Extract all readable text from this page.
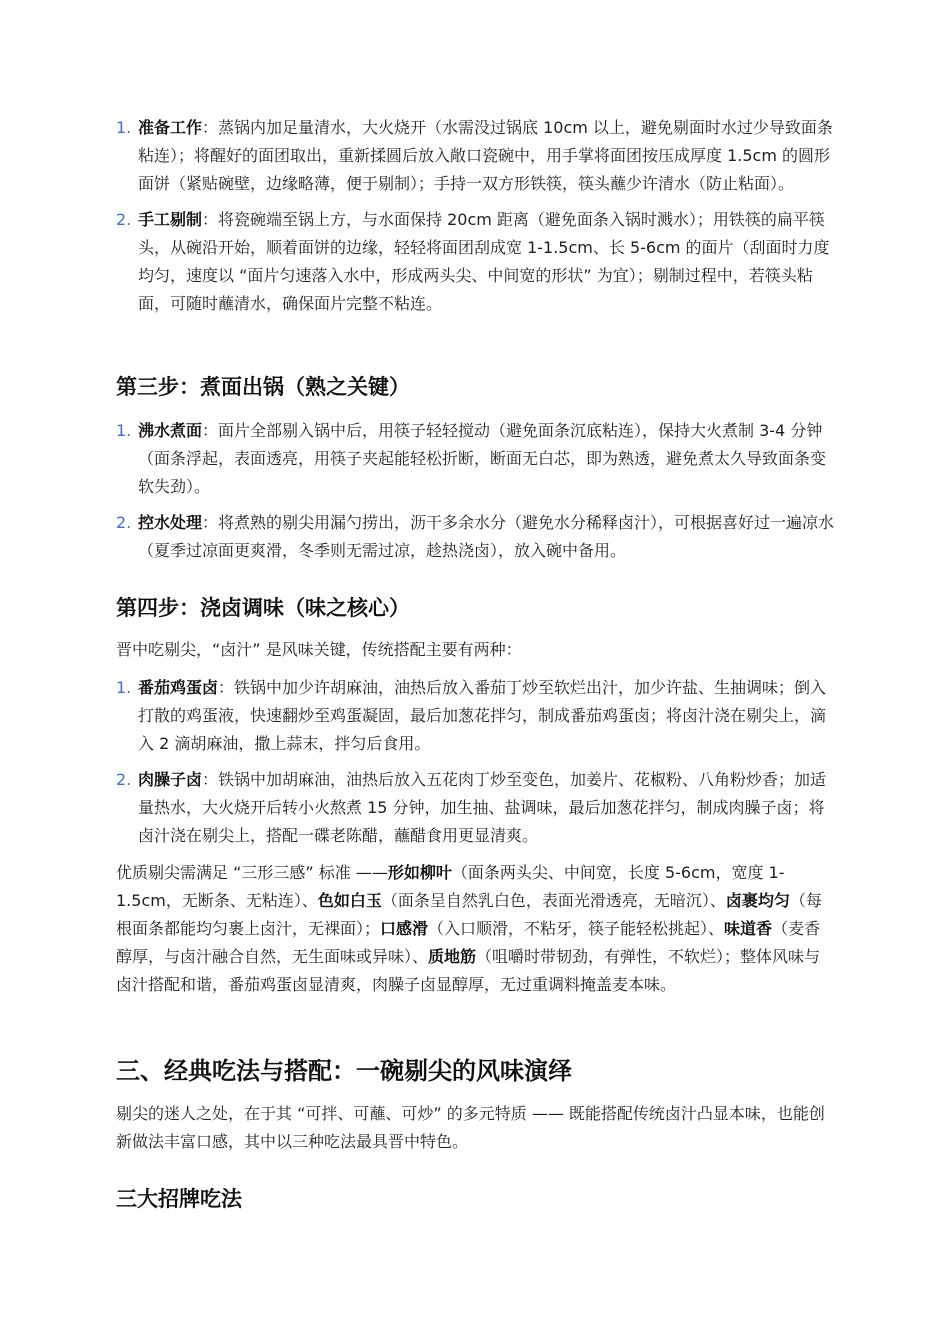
1. 准备工作：蒸锅内加足量清水，大火烧开（水需没过锅底 10cm 以上，避免剔面时水过少导致面条粘连）；将醒好的面团取出，重新揉圆后放入敞口瓷碗中，用手掌将面团按压成厚度 1.5cm 的圆形面饼（紧贴碗壁，边缘略薄，便于剔制）；手持一双方形铁筷，筷头蘸少许清水（防止粘面）。
2. 手工剔制：将瓷碗端至锅上方，与水面保持 20cm 距离（避免面条入锅时溅水）；用铁筷的扁平筷头，从碗沿开始，顺着面饼的边缘，轻轻将面团刮成宽 1-1.5cm、长 5-6cm 的面片（刮面时力度均匀，速度以 “面片匀速落入水中，形成两头尖、中间宽的形状” 为宜）；剔制过程中，若筷头粘面，可随时蘸清水，确保面片完整不粘连。
第三步：煮面出锅（熟之关键）
1. 沸水煮面：面片全部剔入锅中后，用筷子轻轻搅动（避免面条沉底粘连），保持大火煮制 3-4 分钟（面条浮起，表面透亮，用筷子夹起能轻松折断，断面无白芯，即为熟透，避免煮太久导致面条变软失劲）。
2. 控水处理：将煮熟的剔尖用漏勺捞出，沥干多余水分（避免水分稀释卤汁），可根据喜好过一遍凉水（夏季过凉面更爽滑，冬季则无需过凉，趁热浇卤），放入碗中备用。
第四步：浇卤调味（味之核心）

晋中吃剔尖，“卤汁” 是风味关键，传统搭配主要有两种：

1. 番茄鸡蛋卤：铁锅中加少许胡麻油，油热后放入番茄丁炒至软烂出汁，加少许盐、生抽调味；倒入打散的鸡蛋液，快速翻炒至鸡蛋凝固，最后加葱花拌匀，制成番茄鸡蛋卤；将卤汁浇在剔尖上，滴入 2 滴胡麻油，撒上蒜末，拌匀后食用。
2. 肉臊子卤：铁锅中加胡麻油，油热后放入五花肉丁炒至变色，加姜片、花椒粉、八角粉炒香；加适量热水，大火烧开后转小火熬煮 15 分钟，加生抽、盐调味，最后加葱花拌匀，制成肉臊子卤；将卤汁浇在剔尖上，搭配一碟老陈醋，蘸醋食用更显清爽。

优质剔尖需满足 “三形三感” 标准 ——形如柳叶（面条两头尖、中间宽，长度 5-6cm，宽度 1-1.5cm，无断条、无粘连）、色如白玉（面条呈自然乳白色，表面光滑透亮，无暗沉）、卤裹均匀（每根面条都能均匀裹上卤汁，无裸面）；口感滑（入口顺滑，不粘牙，筷子能轻松挑起）、味道香（麦香醇厚，与卤汁融合自然，无生面味或异味）、质地筋（咀嚼时带韧劲，有弹性，不软烂）；整体风味与卤汁搭配和谐，番茄鸡蛋卤显清爽，肉臊子卤显醇厚，无过重调料掩盖麦本味。

三、经典吃法与搭配：一碗剔尖的风味演绎

剔尖的迷人之处，在于其 “可拌、可蘸、可炒” 的多元特质 —— 既能搭配传统卤汁凸显本味，也能创新做法丰富口感，其中以三种吃法最具晋中特色。

三大招牌吃法
